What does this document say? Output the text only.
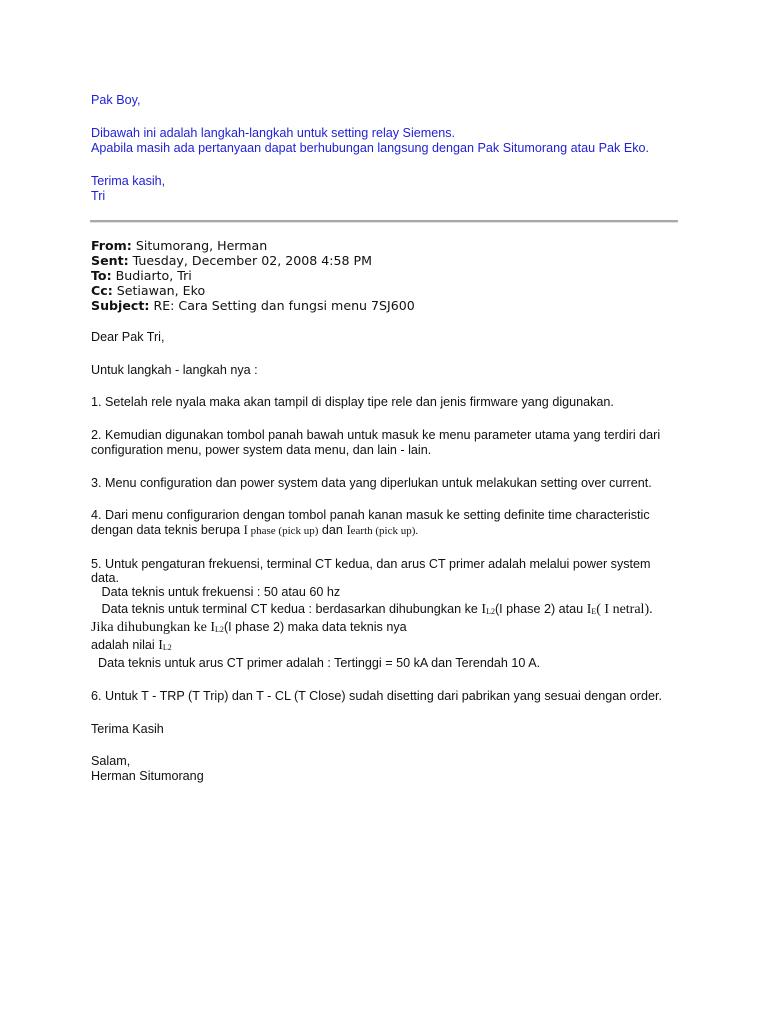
Pak Boy,
Dibawah ini adalah langkah-langkah untuk setting relay Siemens.
Apabila masih ada pertanyaan dapat berhubungan langsung dengan Pak Situmorang atau Pak Eko.
Terima kasih,
Tri
From: Situmorang, Herman
Sent: Tuesday, December 02, 2008 4:58 PM
To: Budiarto, Tri
Cc: Setiawan, Eko
Subject: RE: Cara Setting dan fungsi menu 7SJ600
Dear Pak Tri,
Untuk langkah - langkah nya :
1. Setelah rele nyala maka akan tampil di display tipe rele dan jenis firmware yang digunakan.
2. Kemudian digunakan tombol panah bawah untuk masuk ke menu parameter utama yang terdiri dari
configuration menu, power system data menu, dan lain - lain.
3. Menu configuration dan power system data yang diperlukan untuk melakukan setting over current.
4. Dari menu configurarion dengan tombol panah kanan masuk ke setting definite time characteristic
dengan data teknis berupa I phase (pick up) dan Iearth (pick up).
5. Untuk pengaturan frekuensi, terminal CT kedua, dan arus CT primer adalah melalui power system
data.
Data teknis untuk frekuensi : 50 atau 60 hz
Data teknis untuk terminal CT kedua : berdasarkan dihubungkan ke $I_{L2}(I$ phase 2) atau $I_E$( I netral).
Jika dihubungkan ke $I_{L2}(I$ phase 2) maka data teknis nya
adalah nilai $I_{L2}$
Data teknis untuk arus CT primer adalah : Tertinggi = 50 kA dan Terendah 10 A.
6. Untuk T - TRP (T Trip) dan T - CL (T Close) sudah disetting dari pabrikan yang sesuai dengan order.
Terima Kasih
Salam,
Herman Situmorang
